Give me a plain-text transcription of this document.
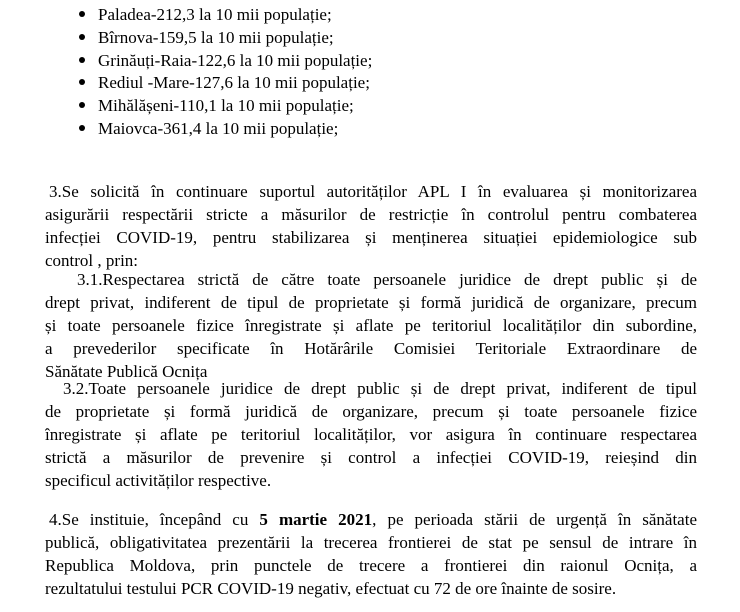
Paladea-212,3 la 10 mii populație;
Bîrnova-159,5 la 10 mii populație;
Grinăuți-Raia-122,6 la 10 mii populație;
Rediul -Mare-127,6 la 10 mii populație;
Mihălășeni-110,1 la 10 mii populație;
Maiovca-361,4 la 10 mii populație;
3.Se solicită în continuare suportul autorităților APL I în evaluarea și monitorizarea
asigurării respectării stricte a măsurilor de restricție în controlul pentru combaterea
infecției COVID-19, pentru stabilizarea și menținerea situației epidemiologice sub
control , prin:
3.1.Respectarea strictă de către toate persoanele juridice de drept public și de
drept privat, indiferent de tipul de proprietate și formă juridică de organizare, precum
și toate persoanele fizice înregistrate și aflate pe teritoriul localităților din subordine,
a prevederilor specificate în Hotărârile Comisiei Teritoriale Extraordinare de
Sănătate Publică Ocnița
3.2.Toate persoanele juridice de drept public și de drept privat, indiferent de tipul
de proprietate și formă juridică de organizare, precum și toate persoanele fizice
înregistrate și aflate pe teritoriul localităților, vor asigura în continuare respectarea
strictă a măsurilor de prevenire și control a infecției COVID-19, reieșind din
specificul activităților respective.
4.Se instituie, începând cu 5 martie 2021, pe perioada stării de urgență în sănătate
publică, obligativitatea prezentării la trecerea frontierei de stat pe sensul de intrare în
Republica Moldova, prin punctele de trecere a frontierei din raionul Ocnița, a
rezultatului testului PCR COVID-19 negativ, efectuat cu 72 de ore înainte de sosire.
